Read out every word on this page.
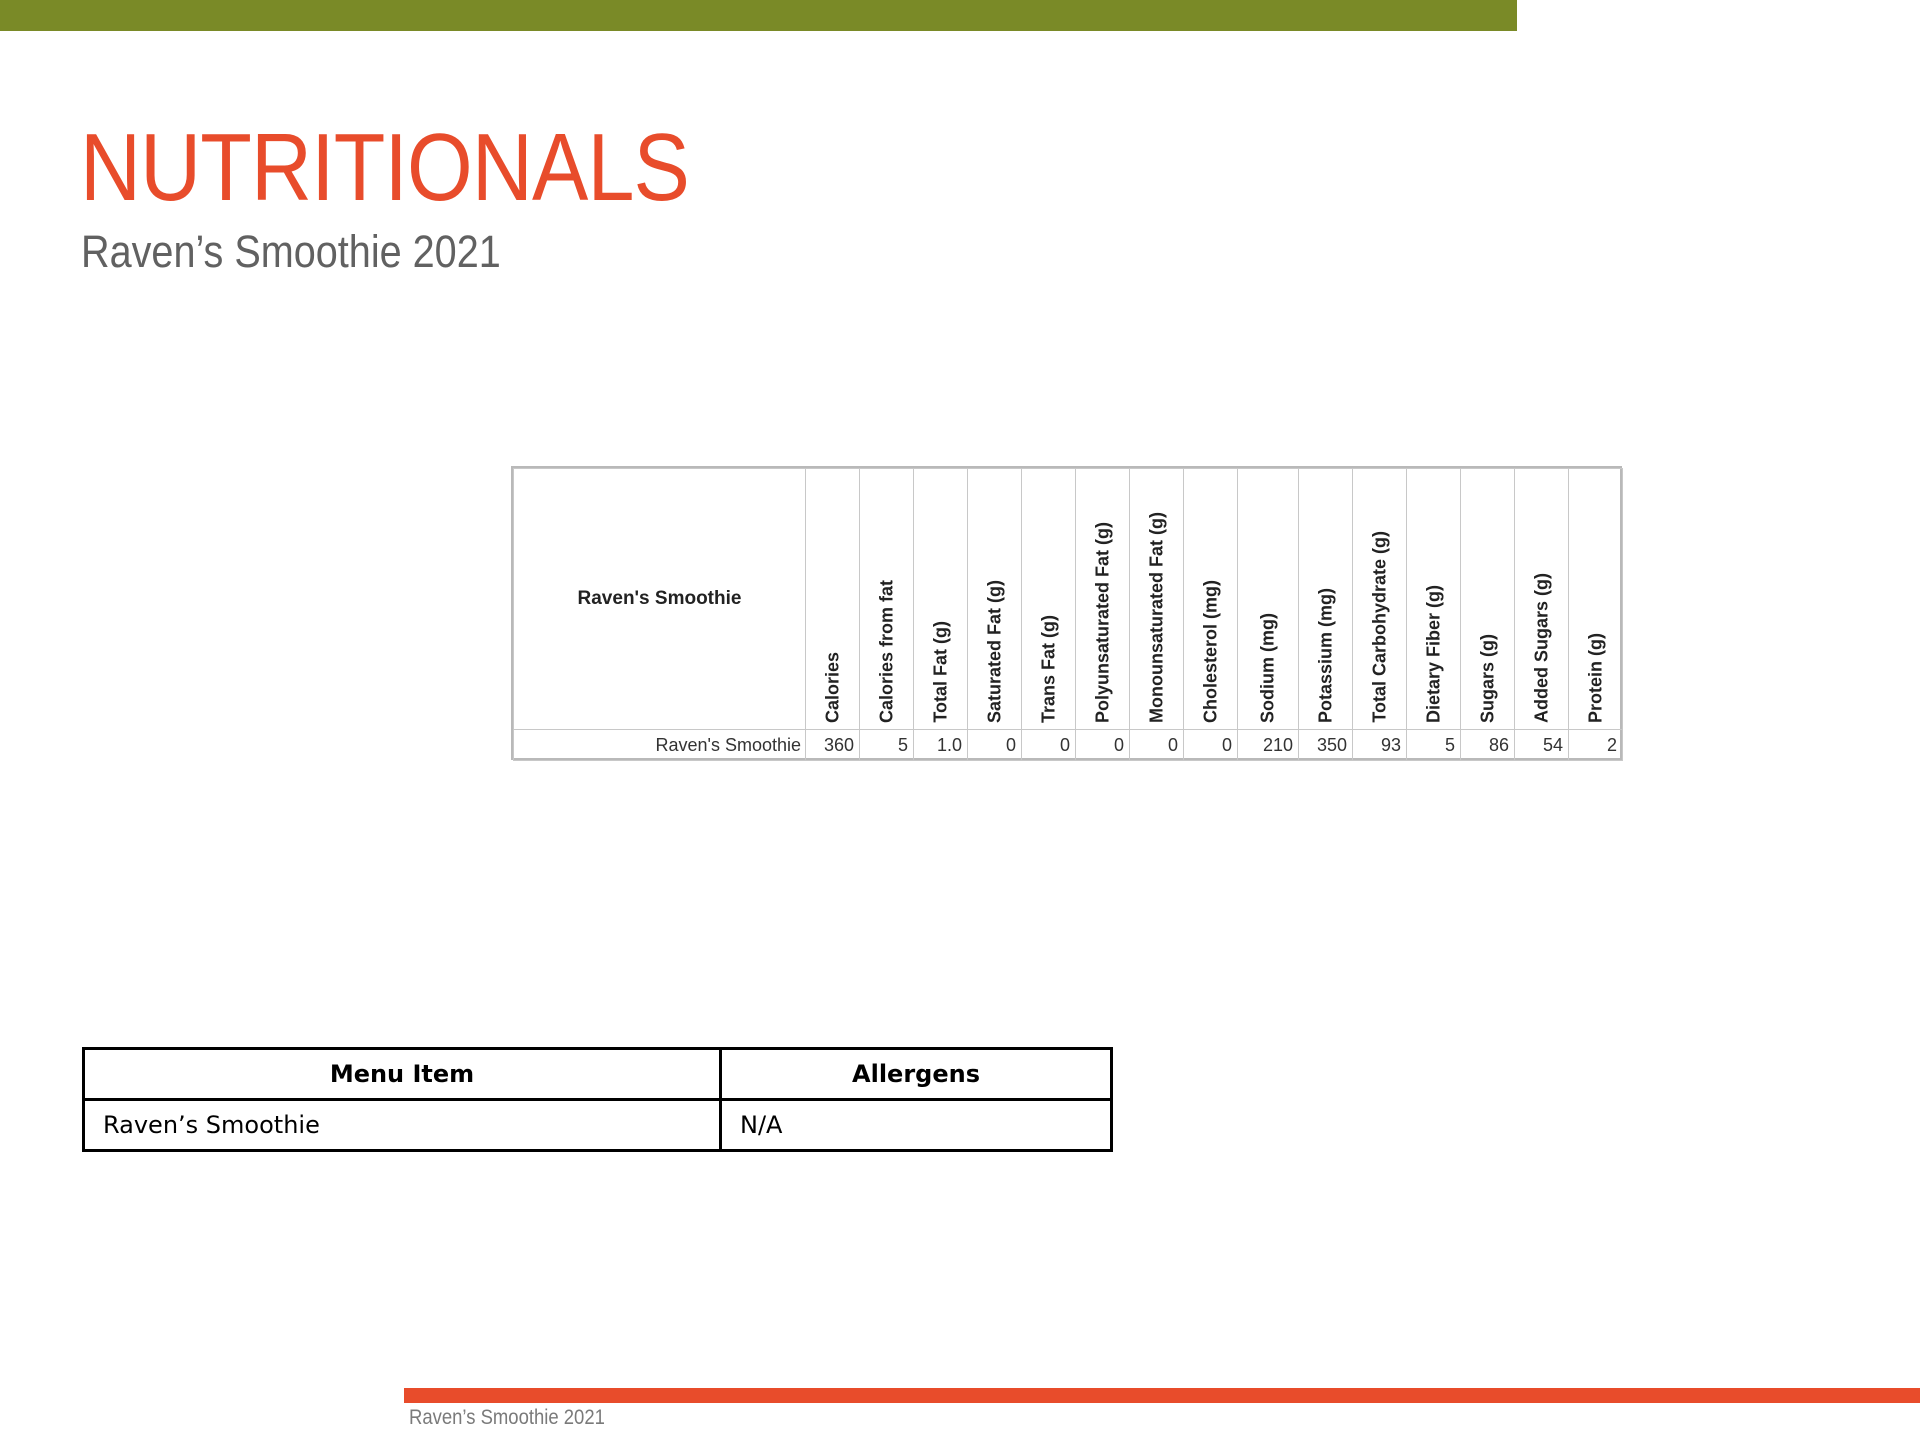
NUTRITIONALS
Raven’s Smoothie 2021
Raven's Smoothie	Calories	Calories from fat	Total Fat (g)	Saturated Fat (g)	Trans Fat (g)	Polyunsaturated Fat (g)	Monounsaturated Fat (g)	Cholesterol (mg)	Sodium (mg)	Potassium (mg)	Total Carbohydrate (g)	Dietary Fiber (g)	Sugars (g)	Added Sugars (g)	Protein (g)

Raven's Smoothie	360	5	1.0	0	0	0	0	0	210	350	93	5	86	54	2
Menu Item	Allergens
Raven’s Smoothie	N/A

Raven’s Smoothie 2021
